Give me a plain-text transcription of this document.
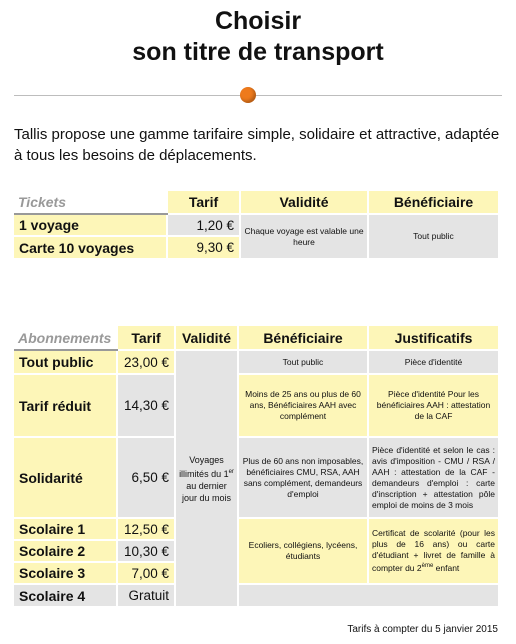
Choisir
son titre de transport
Tallis propose une gamme tarifaire simple, solidaire et attractive, adaptée à tous les besoins de déplacements.
Tickets	Tarif	Validité	Bénéficiaire
1 voyage	1,20 €	Chaque voyage est valable une heure	Tout public
Carte 10 voyages	9,30 €		
Abonnements	Tarif	Validité	Bénéficiaire	Justificatifs
Tout public	23,00 €	Voyages illimités du 1er au dernier jour du mois	Tout public	Pièce d'identité
Tarif réduit	14,30 €		Moins de 25 ans ou plus de 60 ans, Bénéficiaires AAH avec complément	Pièce d'identité Pour les bénéficiaires AAH : attestation de la CAF
Solidarité	6,50 €		Plus de 60 ans non imposables, bénéficiaires CMU, RSA, AAH sans complément, demandeurs d'emploi	Pièce d'identité et selon le cas : avis d'imposition - CMU / RSA / AAH : attestation de la CAF - demandeurs d'emploi : carte d'inscription + attestation pôle emploi de moins de 3 mois
Scolaire 1	12,50 €		Ecoliers, collégiens, lycéens, étudiants	Certificat de scolarité (pour les plus de 16 ans) ou carte d'étudiant + livret de famille à compter du 2ème enfant
Scolaire 2	10,30 €			
Scolaire 3	7,00 €			
Scolaire 4	Gratuit			
Tarifs à compter du 5 janvier 2015
